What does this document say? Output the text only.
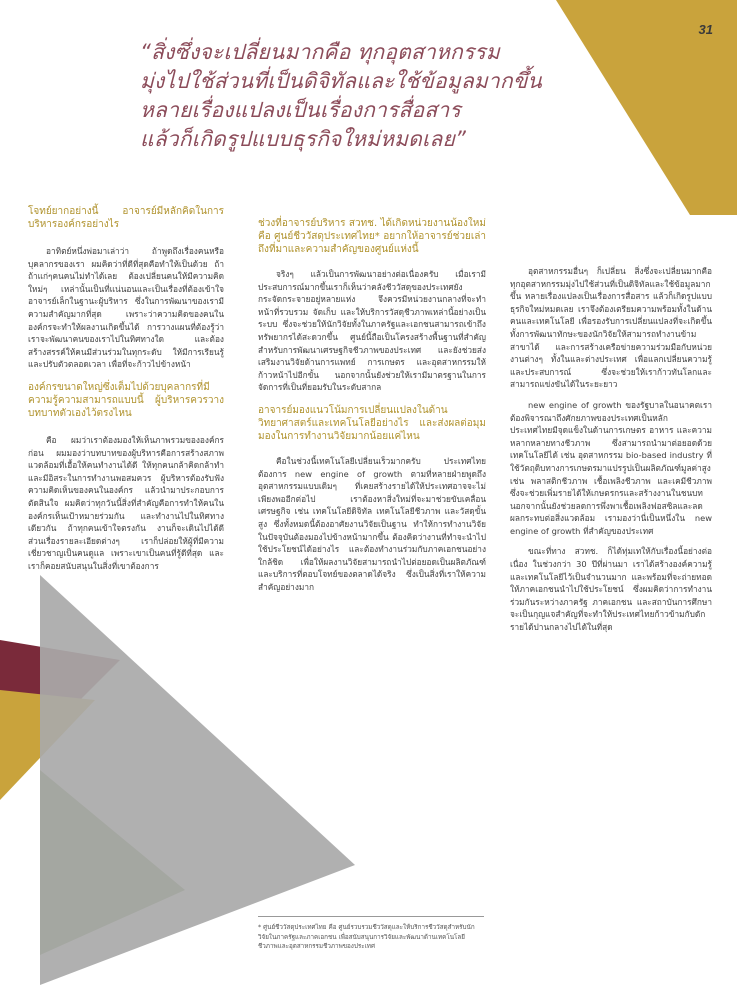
31
“สิ่งซึ่งจะเปลี่ยนมากคือ ทุกอุตสาหกรรม
มุ่งไปใช้ส่วนที่เป็นดิจิทัลและใช้ข้อมูลมากขึ้น
หลายเรื่องแปลงเป็นเรื่องการสื่อสาร
แล้วก็เกิดรูปแบบธุรกิจใหม่หมดเลย”
โจทย์ยากอย่างนี้ อาจารย์มีหลักคิดในการบริหารองค์กรอย่างไร

อาทิตย์หนึ่งพ่อมาเล่าว่า ถ้าพูดถึงเรื่องคนหรือบุคลากรของเรา ผมคิดว่าที่ดีที่สุดคือทำให้เป็นด้วย ถ้าถ้าแก่ๆคนคนไม่ทำได้เลย ต้องเปลี่ยนคนให้มีความคิดใหม่ๆ เหล่านั้นเป็นที่แน่นอนและเป็นเรื่องที่ต้องเข้าใจ อาจารย์เล็กในฐานะผู้บริหาร ซึ่งในการพัฒนาของเรามีความสำคัญมากที่สุด เพราะว่าความคิดของคนในองค์กรจะทำให้ผลงานเกิดขึ้นได้ การวางแผนที่ต้องรู้ว่าเราจะพัฒนาคนของเราไปในทิศทางใด และต้องสร้างสรรค์ให้คนมีส่วนร่วมในทุกระดับ ให้มีการเรียนรู้และปรับตัวตลอดเวลา เพื่อที่จะก้าวไปข้างหน้า

องค์กรขนาดใหญ่ซึ่งเต็มไปด้วยบุคลากรที่มีความรู้ความสามารถแบบนี้ ผู้บริหารควรวางบทบาทตัวเองไว้ตรงไหน

คือ ผมว่าเราต้องมองให้เห็นภาพรวมขององค์กรก่อน ผมมองว่าบทบาทของผู้บริหารคือการสร้างสภาพแวดล้อมที่เอื้อให้คนทำงานได้ดี ให้ทุกคนกล้าคิดกล้าทำ และมีอิสระในการทำงานพอสมควร ผู้บริหารต้องรับฟังความคิดเห็นของคนในองค์กร แล้วนำมาประกอบการตัดสินใจ ผมคิดว่าทุกวันนี้สิ่งที่สำคัญคือการทำให้คนในองค์กรเห็นเป้าหมายร่วมกัน และทำงานไปในทิศทางเดียวกัน ถ้าทุกคนเข้าใจตรงกัน งานก็จะเดินไปได้ดี ส่วนเรื่องรายละเอียดต่างๆ เราก็ปล่อยให้ผู้ที่มีความเชี่ยวชาญเป็นคนดูแล เพราะเขาเป็นคนที่รู้ดีที่สุด และเราก็คอยสนับสนุนในสิ่งที่เขาต้องการ

ช่วงที่อาจารย์บริหาร สวทช. ได้เกิดหน่วยงานน้องใหม่คือ ศูนย์ชีววัสดุประเทศไทย* อยากให้อาจารย์ช่วยเล่าถึงที่มาและความสำคัญของศูนย์แห่งนี้

จริงๆ แล้วเป็นการพัฒนาอย่างต่อเนื่องครับ เมื่อเรามีประสบการณ์มากขึ้นเราก็เห็นว่าคลังชีววัสดุของประเทศยังกระจัดกระจายอยู่หลายแห่ง จึงควรมีหน่วยงานกลางที่จะทำหน้าที่รวบรวม จัดเก็บ และให้บริการวัสดุชีวภาพเหล่านี้อย่างเป็นระบบ ซึ่งจะช่วยให้นักวิจัยทั้งในภาครัฐและเอกชนสามารถเข้าถึงทรัพยากรได้สะดวกขึ้น ศูนย์นี้ถือเป็นโครงสร้างพื้นฐานที่สำคัญสำหรับการพัฒนาเศรษฐกิจชีวภาพของประเทศ และยังช่วยส่งเสริมงานวิจัยด้านการแพทย์ การเกษตร และอุตสาหกรรมให้ก้าวหน้าไปอีกขั้น นอกจากนั้นยังช่วยให้เรามีมาตรฐานในการจัดการที่เป็นที่ยอมรับในระดับสากล

อาจารย์มองแนวโน้มการเปลี่ยนแปลงในด้านวิทยาศาสตร์และเทคโนโลยีอย่างไร และส่งผลต่อมุมมองในการทำงานวิจัยมากน้อยแค่ไหน

คือในช่วงนี้เทคโนโลยีเปลี่ยนเร็วมากครับ ประเทศไทยต้องการ new engine of growth ตามที่หลายฝ่ายพูดถึง อุตสาหกรรมแบบเดิมๆ ที่เคยสร้างรายได้ให้ประเทศอาจจะไม่เพียงพออีกต่อไป เราต้องหาสิ่งใหม่ที่จะมาช่วยขับเคลื่อนเศรษฐกิจ เช่น เทคโนโลยีดิจิทัล เทคโนโลยีชีวภาพ และวัสดุขั้นสูง ซึ่งทั้งหมดนี้ต้องอาศัยงานวิจัยเป็นฐาน ทำให้การทำงานวิจัยในปัจจุบันต้องมองไปข้างหน้ามากขึ้น ต้องคิดว่างานที่ทำจะนำไปใช้ประโยชน์ได้อย่างไร และต้องทำงานร่วมกับภาคเอกชนอย่างใกล้ชิด เพื่อให้ผลงานวิจัยสามารถนำไปต่อยอดเป็นผลิตภัณฑ์และบริการที่ตอบโจทย์ของตลาดได้จริง ซึ่งเป็นสิ่งที่เราให้ความสำคัญอย่างมาก

อุตสาหกรรมอื่นๆ ก็เปลี่ยน สิ่งซึ่งจะเปลี่ยนมากคือ ทุกอุตสาหกรรมมุ่งไปใช้ส่วนที่เป็นดิจิทัลและใช้ข้อมูลมากขึ้น หลายเรื่องแปลงเป็นเรื่องการสื่อสาร แล้วก็เกิดรูปแบบธุรกิจใหม่หมดเลย เราจึงต้องเตรียมความพร้อมทั้งในด้านคนและเทคโนโลยี เพื่อรองรับการเปลี่ยนแปลงที่จะเกิดขึ้น ทั้งการพัฒนาทักษะของนักวิจัยให้สามารถทำงานข้ามสาขาได้ และการสร้างเครือข่ายความร่วมมือกับหน่วยงานต่างๆ ทั้งในและต่างประเทศ เพื่อแลกเปลี่ยนความรู้และประสบการณ์ ซึ่งจะช่วยให้เราก้าวทันโลกและสามารถแข่งขันได้ในระยะยาว

new engine of growth ของรัฐบาลในอนาคตเราต้องพิจารณาถึงศักยภาพของประเทศเป็นหลัก ประเทศไทยมีจุดแข็งในด้านการเกษตร อาหาร และความหลากหลายทางชีวภาพ ซึ่งสามารถนำมาต่อยอดด้วยเทคโนโลยีได้ เช่น อุตสาหกรรม bio-based industry ที่ใช้วัตถุดิบทางการเกษตรมาแปรรูปเป็นผลิตภัณฑ์มูลค่าสูง เช่น พลาสติกชีวภาพ เชื้อเพลิงชีวภาพ และเคมีชีวภาพ ซึ่งจะช่วยเพิ่มรายได้ให้เกษตรกรและสร้างงานในชนบท นอกจากนั้นยังช่วยลดการพึ่งพาเชื้อเพลิงฟอสซิลและลดผลกระทบต่อสิ่งแวดล้อม เรามองว่านี่เป็นหนึ่งใน new engine of growth ที่สำคัญของประเทศ

ขณะที่ทาง สวทช. ก็ได้ทุ่มเทให้กับเรื่องนี้อย่างต่อเนื่อง ในช่วงกว่า 30 ปีที่ผ่านมา เราได้สร้างองค์ความรู้และเทคโนโลยีไว้เป็นจำนวนมาก และพร้อมที่จะถ่ายทอดให้ภาคเอกชนนำไปใช้ประโยชน์ ซึ่งผมคิดว่าการทำงานร่วมกันระหว่างภาครัฐ ภาคเอกชน และสถาบันการศึกษา จะเป็นกุญแจสำคัญที่จะทำให้ประเทศไทยก้าวข้ามกับดักรายได้ปานกลางไปได้ในที่สุด

* ศูนย์ชีววัสดุประเทศไทย คือ ศูนย์รวบรวมชีววัสดุและให้บริการชีววัสดุสำหรับนักวิจัยในภาครัฐและภาคเอกชน เพื่อสนับสนุนการวิจัยและพัฒนาด้านเทคโนโลยีชีวภาพและอุตสาหกรรมชีวภาพของประเทศ
